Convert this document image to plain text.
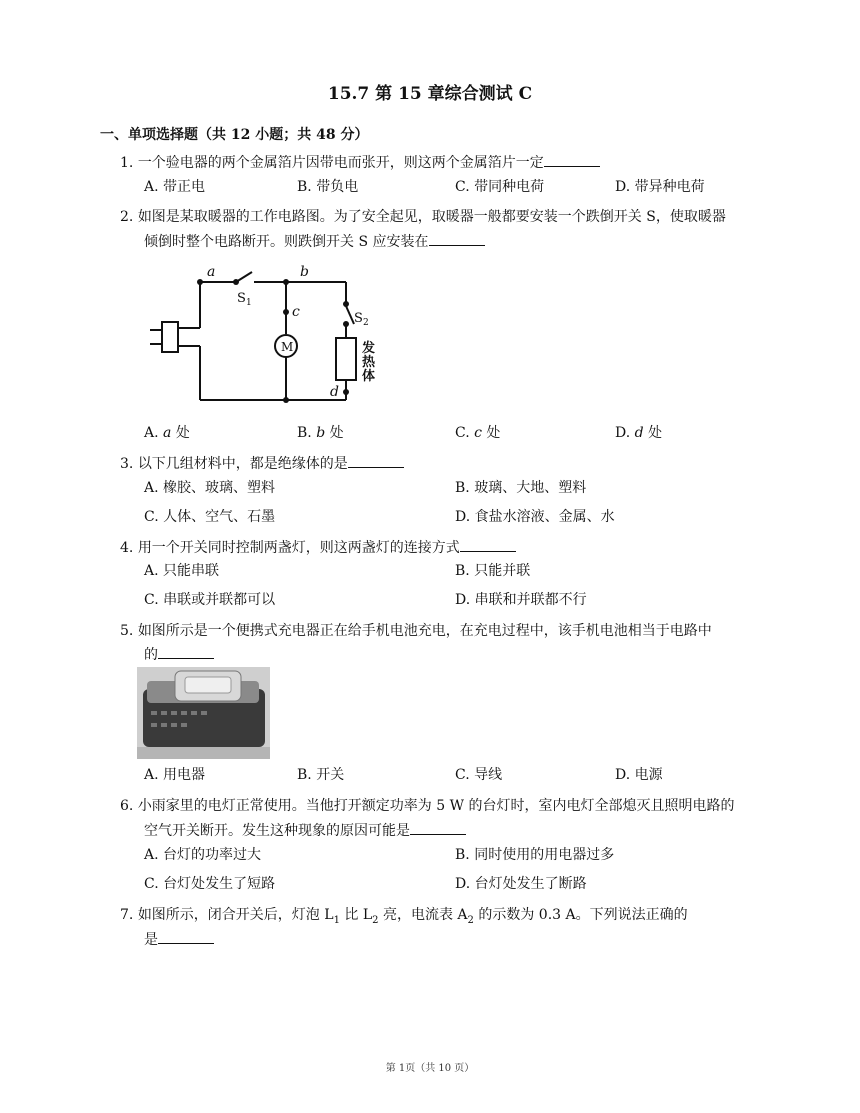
15.7 第 15 章综合测试 C
一、单项选择题（共 12 小题；共 48 分）
1. 一个验电器的两个金属箔片因带电而张开，则这两个金属箔片一定
A. 带正电	B. 带负电	C. 带同种电荷	D. 带异种电荷
2. 如图是某取暖器的工作电路图。为了安全起见，取暖器一般都要安装一个跌倒开关 S，使取暖器
倾倒时整个电路断开。则跌倒开关 S 应安装在
a	b
c
d
S 1
S 2
M	发
热
体
A. a 处	B. b 处	C. c 处	D. d 处
3. 以下几组材料中，都是绝缘体的是
A. 橡胶、玻璃、塑料	B. 玻璃、大地、塑料
C. 人体、空气、石墨	D. 食盐水溶液、金属、水
4. 用一个开关同时控制两盏灯，则这两盏灯的连接方式
A. 只能串联	B. 只能并联
C. 串联或并联都可以	D. 串联和并联都不行
5. 如图所示是一个便携式充电器正在给手机电池充电，在充电过程中，该手机电池相当于电路中
的
A. 用电器	B. 开关	C. 导线	D. 电源
6. 小雨家里的电灯正常使用。当他打开额定功率为 5 W 的台灯时，室内电灯全部熄灭且照明电路的
空气开关断开。发生这种现象的原因可能是
A. 台灯的功率过大	B. 同时使用的用电器过多
C. 台灯处发生了短路	D. 台灯处发生了断路
7. 如图所示，闭合开关后，灯泡 $L_1$ 比 $L_2$ 亮，电流表 $A_2$ 的示数为 0.3 A。下列说法正确的
是
第 1页（共 10 页）
